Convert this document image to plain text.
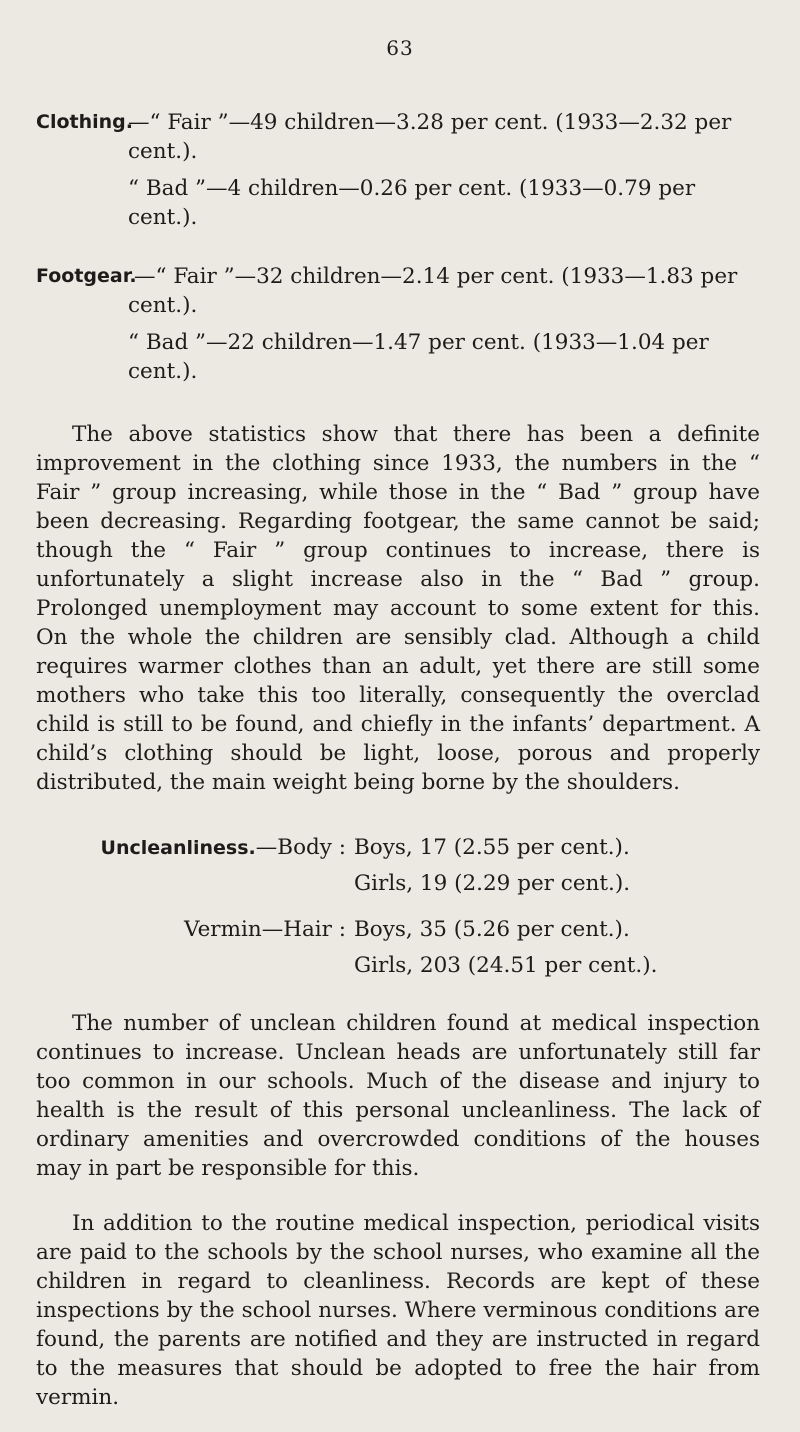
63
Clothing.
—“ Fair ”—49 children—3.28 per cent. (1933—2.32 per
cent.).
“ Bad ”—4 children—0.26 per cent. (1933—0.79 per
cent.).
Footgear.
—“ Fair ”—32 children—2.14 per cent. (1933—1.83 per
cent.).
“ Bad ”—22 children—1.47 per cent. (1933—1.04 per
cent.).

The above statistics show that there has been a definite improvement in the clothing since 1933, the numbers in the “ Fair ” group increasing, while those in the “ Bad ” group have been decreasing. Regarding footgear, the same cannot be said; though the “ Fair ” group continues to increase, there is unfortunately a slight increase also in the “ Bad ” group. Prolonged unemployment may account to some extent for this. On the whole the children are sensibly clad. Although a child requires warmer clothes than an adult, yet there are still some mothers who take this too literally, consequently the overclad child is still to be found, and chiefly in the infants’ department. A child’s clothing should be light, loose, porous and properly distributed, the main weight being borne by the shoulders.

Uncleanliness.—Body : Boys, 17 (2.55 per cent.).
Girls, 19 (2.29 per cent.).
Vermin—Hair : Boys, 35 (5.26 per cent.).
Girls, 203 (24.51 per cent.).

The number of unclean children found at medical inspection continues to increase. Unclean heads are unfortunately still far too common in our schools. Much of the disease and injury to health is the result of this personal uncleanliness. The lack of ordinary amenities and overcrowded conditions of the houses may in part be responsible for this.

In addition to the routine medical inspection, periodical visits are paid to the schools by the school nurses, who examine all the children in regard to cleanliness. Records are kept of these inspections by the school nurses. Where verminous conditions are found, the parents are notified and they are instructed in regard to the measures that should be adopted to free the hair from vermin.
